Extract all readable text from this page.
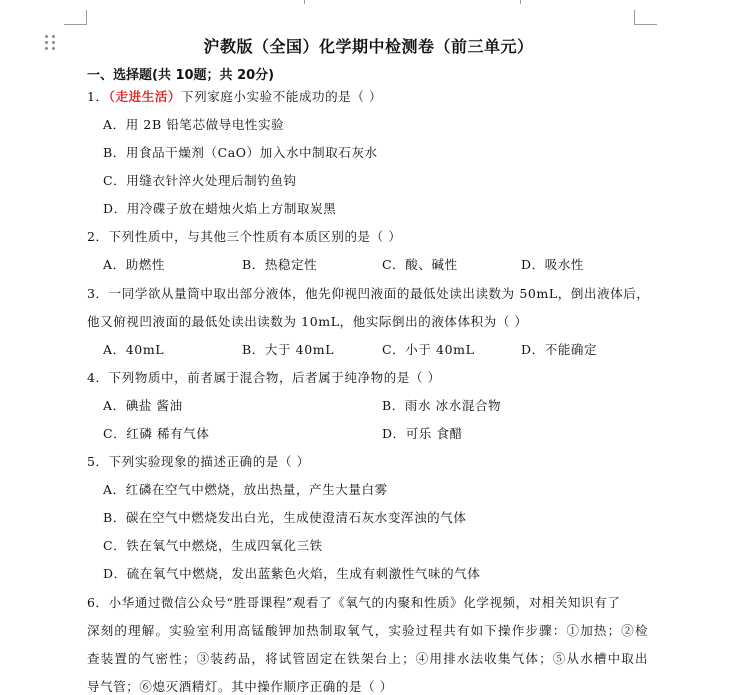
沪教版（全国）化学期中检测卷（前三单元）
一、选择题(共 10题；共 20分)
1．（走进生活）下列家庭小实验不能成功的是（ ）
A．用 2B 铅笔芯做导电性实验
B．用食品干燥剂（CaO）加入水中制取石灰水
C．用缝衣针淬火处理后制钓鱼钩
D．用冷碟子放在蜡烛火焰上方制取炭黑
2．下列性质中，与其他三个性质有本质区别的是（ ）
A．助燃性	B．热稳定性	C．酸、碱性	D．吸水性
3．一同学欲从量筒中取出部分液体，他先仰视凹液面的最低处读出读数为 50mL，倒出液体后，
他又俯视凹液面的最低处读出读数为 10mL，他实际倒出的液体体积为（ ）
A．40mL	B．大于 40mL	C．小于 40mL	D．不能确定
4．下列物质中，前者属于混合物，后者属于纯净物的是（ ）
A．碘盐 酱油	B．雨水 冰水混合物
C．红磷 稀有气体	D．可乐 食醋
5．下列实验现象的描述正确的是（ ）
A．红磷在空气中燃烧，放出热量，产生大量白雾
B．碳在空气中燃烧发出白光，生成使澄清石灰水变浑浊的气体
C．铁在氧气中燃烧，生成四氧化三铁
D．硫在氧气中燃烧，发出蓝紫色火焰，生成有刺激性气味的气体
6．小华通过微信公众号“胜哥课程”观看了《氧气的内聚和性质》化学视频，对相关知识有了
深刻的理解。实验室利用高锰酸钾加热制取氧气，实验过程共有如下操作步骤：①加热；②检
查装置的气密性；③装药品，将试管固定在铁架台上；④用排水法收集气体；⑤从水槽中取出
导气管；⑥熄灭酒精灯。其中操作顺序正确的是（ ）
